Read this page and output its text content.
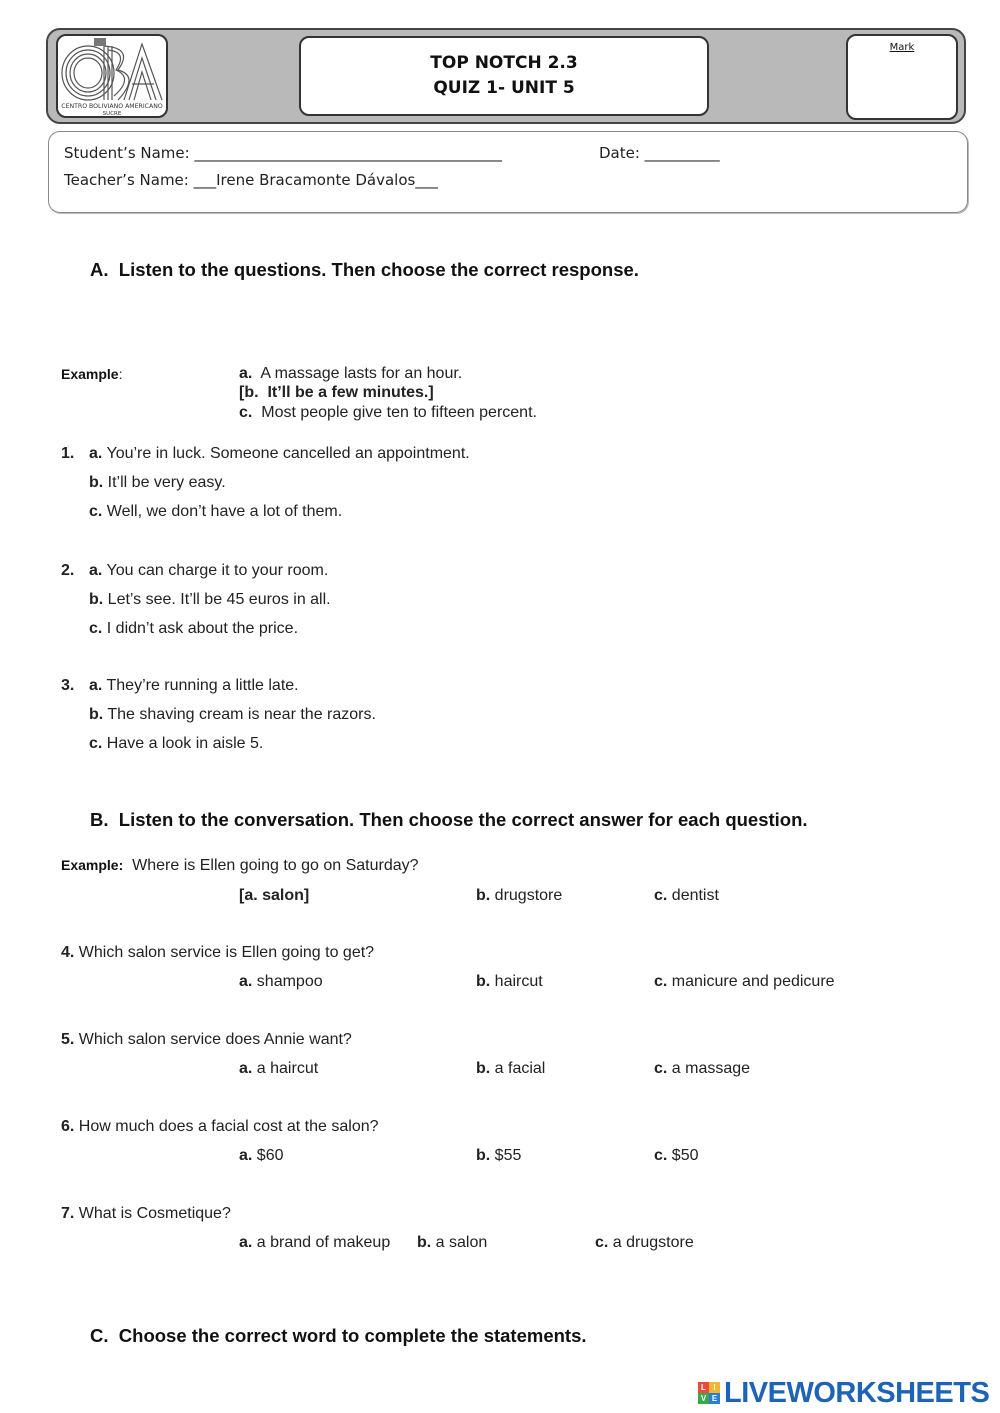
CENTRO BOLIVIANO AMERICANO
SUCRE
TOP NOTCH 2.3
QUIZ 1- UNIT 5
Mark
Student’s Name: _________________________________________	Date: __________
Teacher’s Name: ___Irene Bracamonte Dávalos___
A.  Listen to the questions. Then choose the correct response.
Example:	a.  A massage lasts for an hour.
[b.  It’ll be a few minutes.]
c.  Most people give ten to fifteen percent.
1. a. You’re in luck. Someone cancelled an appointment.
b. It’ll be very easy.
c. Well, we don’t have a lot of them.
2. a. You can charge it to your room.
b. Let’s see. It’ll be 45 euros in all.
c. I didn’t ask about the price.
3. a. They’re running a little late.
b. The shaving cream is near the razors.
c. Have a look in aisle 5.
B.  Listen to the conversation. Then choose the correct answer for each question.
Example:  Where is Ellen going to go on Saturday?
[a. salon]	b. drugstore	c. dentist
4. Which salon service is Ellen going to get?
a. shampoo	b. haircut	c. manicure and pedicure
5. Which salon service does Annie want?
a. a haircut	b. a facial	c. a massage
6. How much does a facial cost at the salon?
a. $60	b. $55	c. $50
7. What is Cosmetique?
a. a brand of makeup b. a salon	c. a drugstore
C.  Choose the correct word to complete the statements.
L I
V E LIVEWORKSHEETS
